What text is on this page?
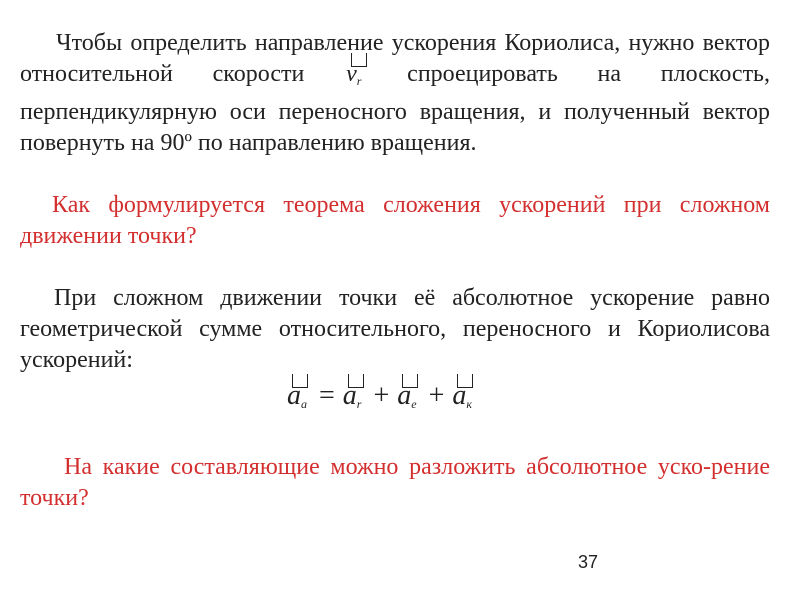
Чтобы определить направление ускорения Кориолиса, нужно вектор относительной скорости $v_r$ спроецировать на плоскость, перпендикулярную оси переносного вращения, и полученный вектор повернуть на 90º по направлению вращения.

Как формулируется теорема сложения ускорений при сложном движении точки?

При сложном движении точки её абсолютное ускорение равно геометрической сумме относительного, переносного и Кориолисова ускорений:

$a_a = a_r + a_e + a_к$

На какие составляющие можно разложить абсолютное уско-рение точки?

37
